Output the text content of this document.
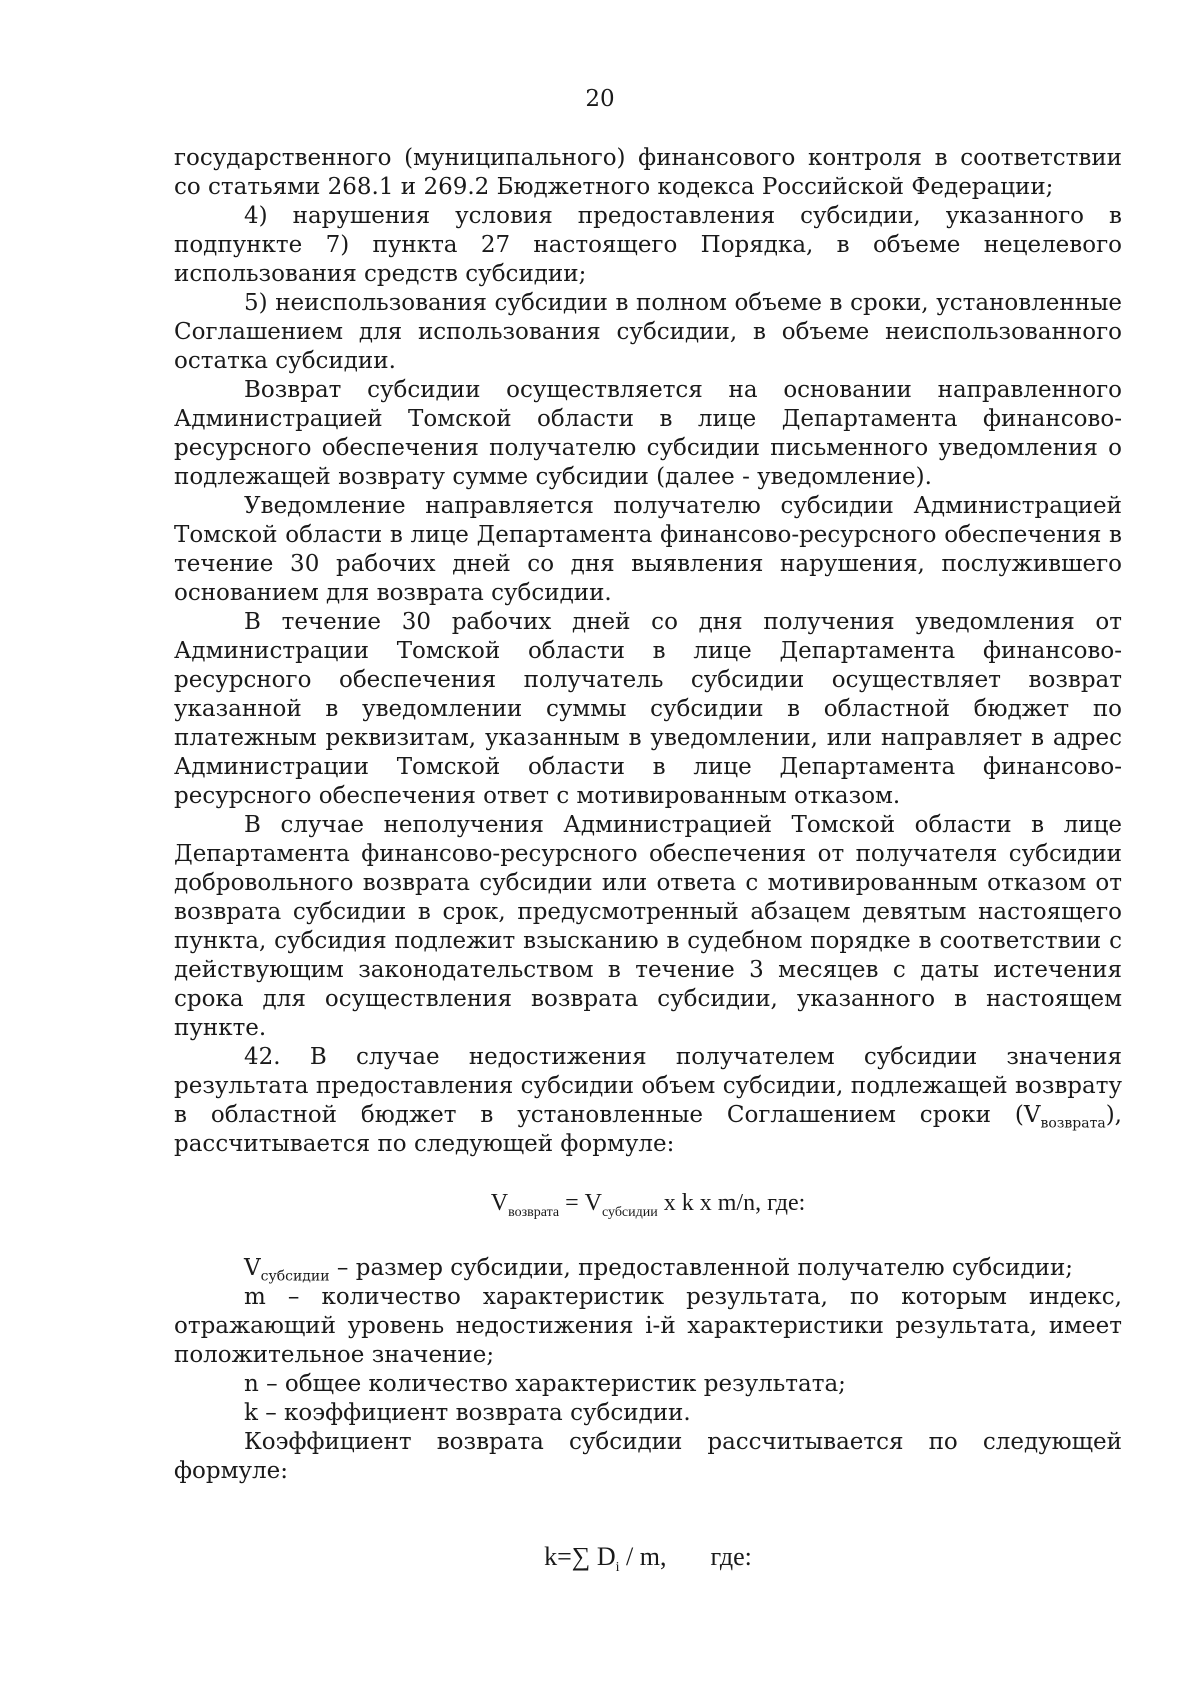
20

государственного (муниципального) финансового контроля в соответствии со статьями 268.1 и 269.2 Бюджетного кодекса Российской Федерации;

4) нарушения условия предоставления субсидии, указанного в подпункте 7) пункта 27 настоящего Порядка, в объеме нецелевого использования средств субсидии;

5) неиспользования субсидии в полном объеме в сроки, установленные Соглашением для использования субсидии, в объеме неиспользованного остатка субсидии.

Возврат субсидии осуществляется на основании направленного Администрацией Томской области в лице Департамента финансово-ресурсного обеспечения получателю субсидии письменного уведомления о подлежащей возврату сумме субсидии (далее - уведомление).

Уведомление направляется получателю субсидии Администрацией Томской области в лице Департамента финансово-ресурсного обеспечения в течение 30 рабочих дней со дня выявления нарушения, послужившего основанием для возврата субсидии.

В течение 30 рабочих дней со дня получения уведомления от Администрации Томской области в лице Департамента финансово-ресурсного обеспечения получатель субсидии осуществляет возврат указанной в уведомлении суммы субсидии в областной бюджет по платежным реквизитам, указанным в уведомлении, или направляет в адрес Администрации Томской области в лице Департамента финансово-ресурсного обеспечения ответ с мотивированным отказом.

В случае неполучения Администрацией Томской области в лице Департамента финансово-ресурсного обеспечения от получателя субсидии добровольного возврата субсидии или ответа с мотивированным отказом от возврата субсидии в срок, предусмотренный абзацем девятым настоящего пункта, субсидия подлежит взысканию в судебном порядке в соответствии с действующим законодательством в течение 3 месяцев с даты истечения срока для осуществления возврата субсидии, указанного в настоящем пункте.

42. В случае недостижения получателем субсидии значения результата предоставления субсидии объем субсидии, подлежащей возврату в областной бюджет в установленные Соглашением сроки $(V_{возврата})$, рассчитывается по следующей формуле:

$V_{возврата} = V_{субсидии}$ x k x m/n, где:

$V_{субсидии}$ – размер субсидии, предоставленной получателю субсидии;

m – количество характеристик результата, по которым индекс, отражающий уровень недостижения i-й характеристики результата, имеет положительное значение;

n – общее количество характеристик результата;

k – коэффициент возврата субсидии.

Коэффициент возврата субсидии рассчитывается по следующей формуле:

k=∑ $D_i$ / m, где:
